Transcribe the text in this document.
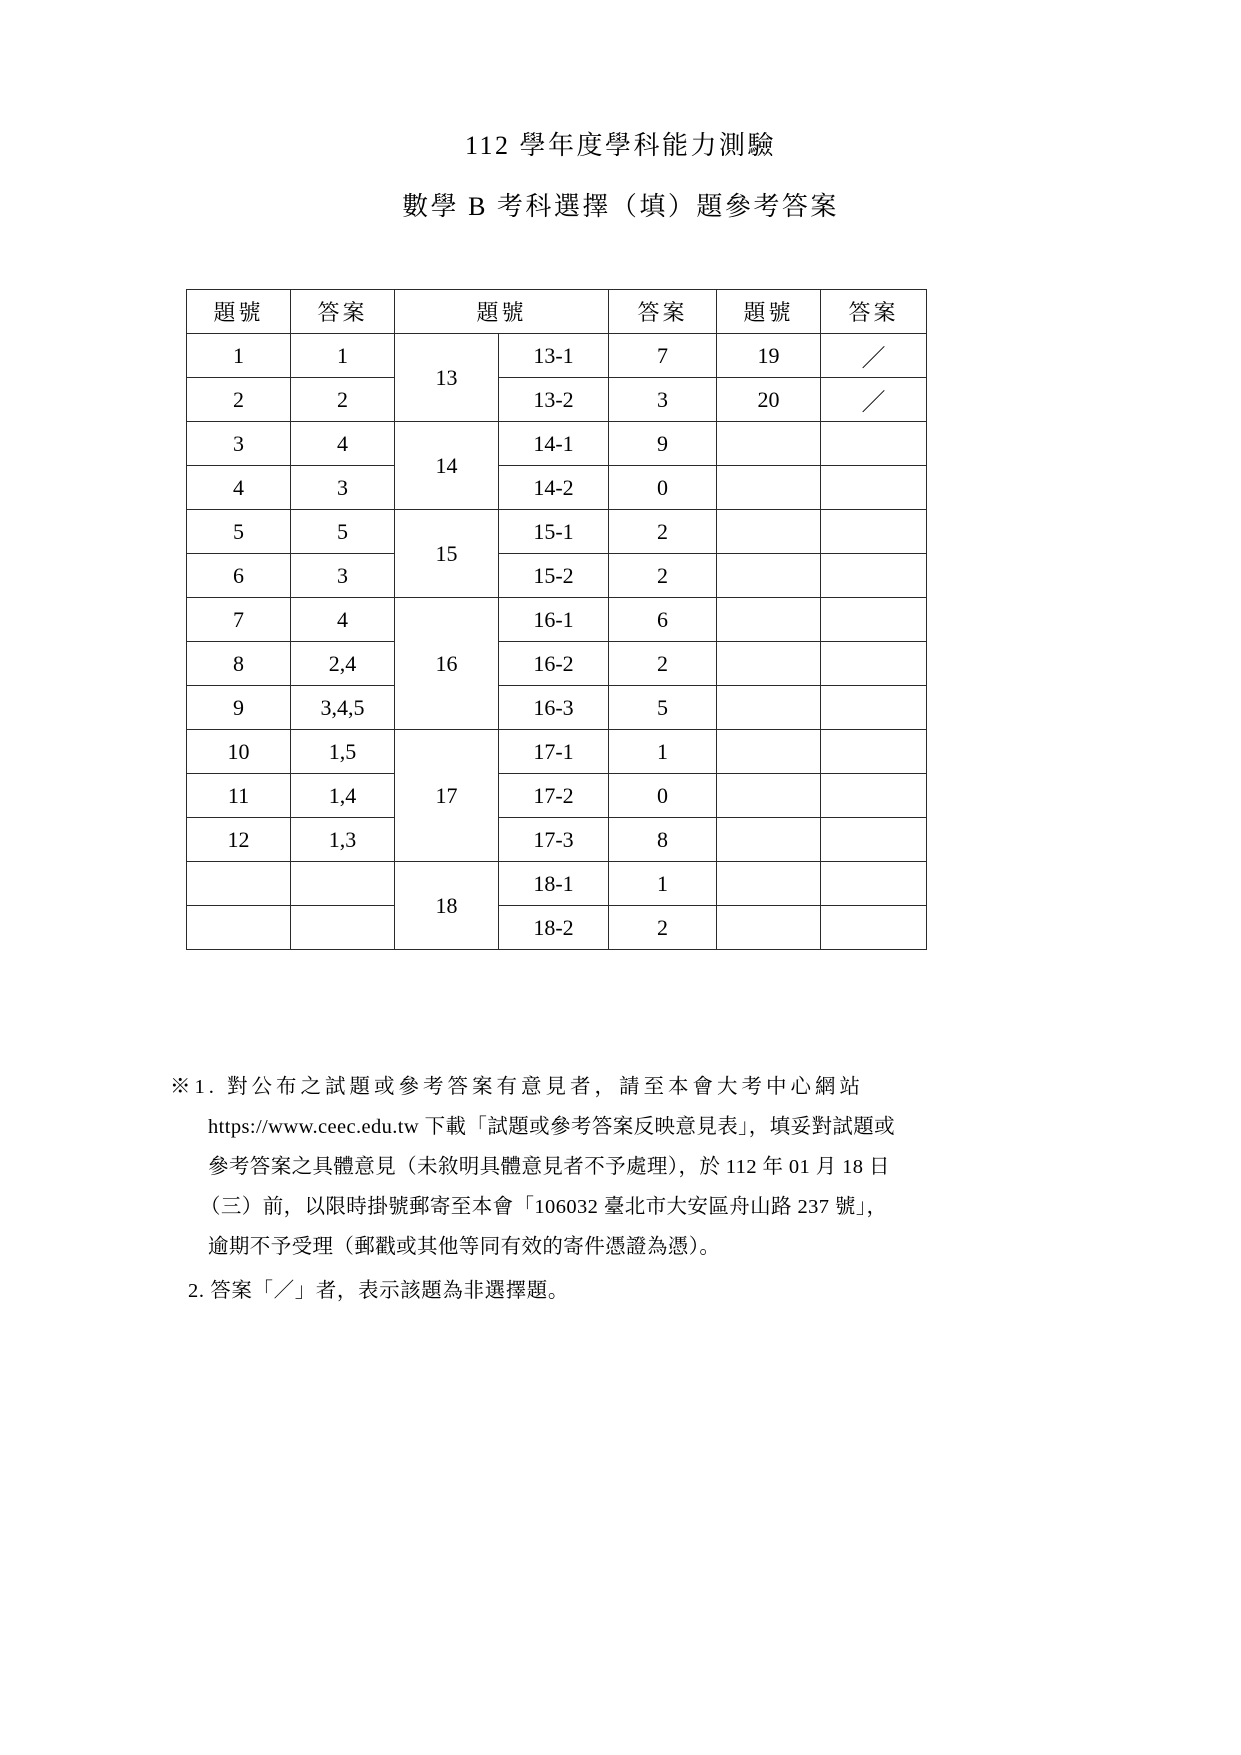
112 學年度學科能力測驗
數學 B 考科選擇（填）題參考答案
題號	答案	題號		答案	題號	答案
1	1	13	13-1	7	19	／
2	2		13-2	3	20	／
3	4	14	14-1	9		
4	3		14-2	0		
5	5	15	15-1	2		
6	3		15-2	2		
7	4	16	16-1	6		
8	2,4		16-2	2		
9	3,4,5		16-3	5		
10	1,5	17	17-1	1		
11	1,4		17-2	0		
12	1,3		17-3	8		
		18	18-1	1		
			18-2	2		
※1. 對公布之試題或參考答案有意見者，請至本會大考中心網站
https://www.ceec.edu.tw 下載「試題或參考答案反映意見表」，填妥對試題或
參考答案之具體意見（未敘明具體意見者不予處理），於 112 年 01 月 18 日
（三）前，以限時掛號郵寄至本會「106032 臺北市大安區舟山路 237 號」，
逾期不予受理（郵戳或其他等同有效的寄件憑證為憑）。
2. 答案「／」者，表示該題為非選擇題。
